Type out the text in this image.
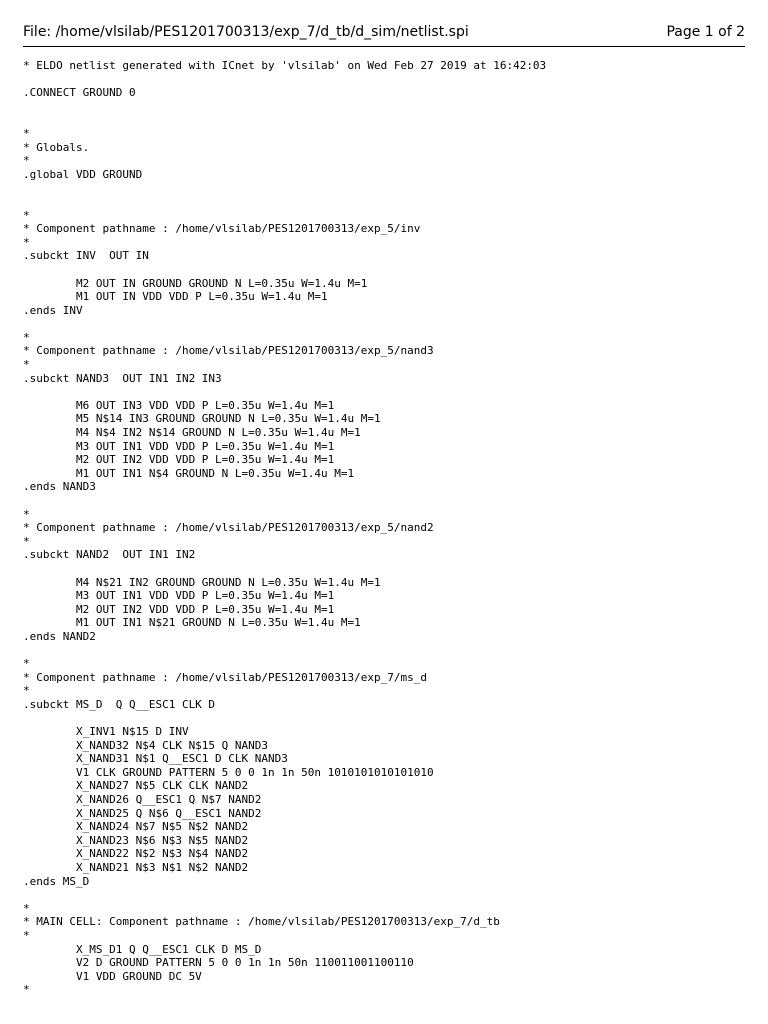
File: /home/vlsilab/PES1201700313/exp_7/d_tb/d_sim/netlist.spi	Page 1 of 2
* ELDO netlist generated with ICnet by 'vlsilab' on Wed Feb 27 2019 at 16:42:03
.CONNECT GROUND 0
*
* Globals.
*
.global VDD GROUND
*
* Component pathname : /home/vlsilab/PES1201700313/exp_5/inv
*
.subckt INV  OUT IN
M2 OUT IN GROUND GROUND N L=0.35u W=1.4u M=1
M1 OUT IN VDD VDD P L=0.35u W=1.4u M=1
.ends INV
*
* Component pathname : /home/vlsilab/PES1201700313/exp_5/nand3
*
.subckt NAND3  OUT IN1 IN2 IN3
M6 OUT IN3 VDD VDD P L=0.35u W=1.4u M=1
M5 N$14 IN3 GROUND GROUND N L=0.35u W=1.4u M=1
M4 N$4 IN2 N$14 GROUND N L=0.35u W=1.4u M=1
M3 OUT IN1 VDD VDD P L=0.35u W=1.4u M=1
M2 OUT IN2 VDD VDD P L=0.35u W=1.4u M=1
M1 OUT IN1 N$4 GROUND N L=0.35u W=1.4u M=1
.ends NAND3
*
* Component pathname : /home/vlsilab/PES1201700313/exp_5/nand2
*
.subckt NAND2  OUT IN1 IN2
M4 N$21 IN2 GROUND GROUND N L=0.35u W=1.4u M=1
M3 OUT IN1 VDD VDD P L=0.35u W=1.4u M=1
M2 OUT IN2 VDD VDD P L=0.35u W=1.4u M=1
M1 OUT IN1 N$21 GROUND N L=0.35u W=1.4u M=1
.ends NAND2
*
* Component pathname : /home/vlsilab/PES1201700313/exp_7/ms_d
*
.subckt MS_D  Q Q__ESC1 CLK D
X_INV1 N$15 D INV
X_NAND32 N$4 CLK N$15 Q NAND3
X_NAND31 N$1 Q__ESC1 D CLK NAND3
V1 CLK GROUND PATTERN 5 0 0 1n 1n 50n 1010101010101010
X_NAND27 N$5 CLK CLK NAND2
X_NAND26 Q__ESC1 Q N$7 NAND2
X_NAND25 Q N$6 Q__ESC1 NAND2
X_NAND24 N$7 N$5 N$2 NAND2
X_NAND23 N$6 N$3 N$5 NAND2
X_NAND22 N$2 N$3 N$4 NAND2
X_NAND21 N$3 N$1 N$2 NAND2
.ends MS_D
*
* MAIN CELL: Component pathname : /home/vlsilab/PES1201700313/exp_7/d_tb
*
X_MS_D1 Q Q__ESC1 CLK D MS_D
V2 D GROUND PATTERN 5 0 0 1n 1n 50n 110011001100110
V1 VDD GROUND DC 5V
*
